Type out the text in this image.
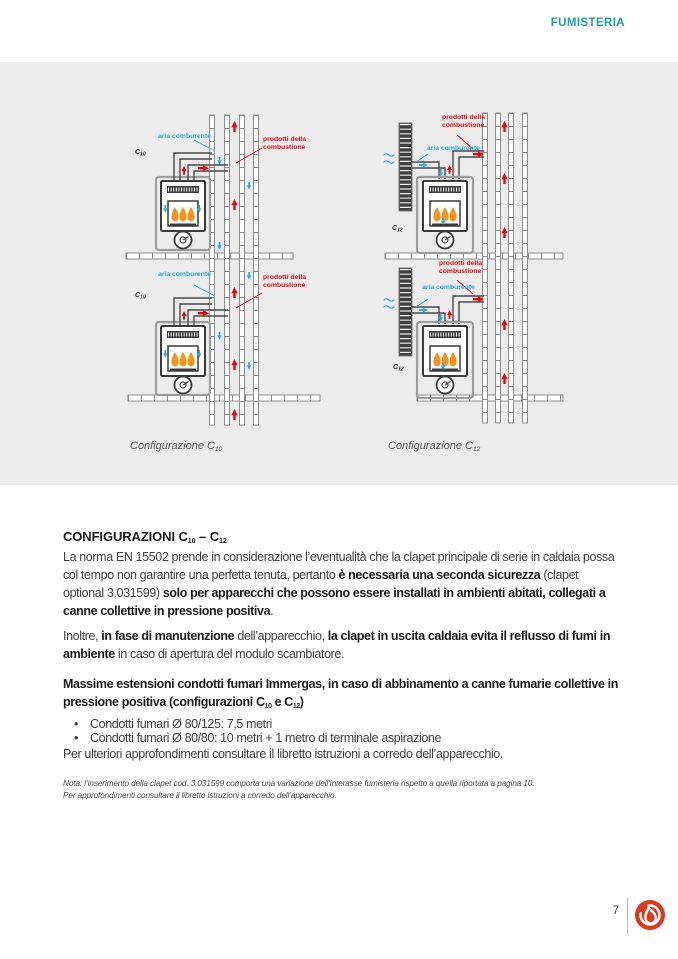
FUMISTERIA
aria comburente	prodotti della combustione
$C_{10}$
aria comburente	prodotti della combustione
$C_{10}$
prodotti della combustione
aria comburente
$C_{12}$
prodotti della combustione
aria comburente
$C_{12}$
Configurazione C10	Configurazione C12
CONFIGURAZIONI $C_{10} - C_{12}$

La norma EN 15502 prende in considerazione l’eventualità che la clapet principale di serie in caldaia possa col tempo non garantire una perfetta tenuta, pertanto è necessaria una seconda sicurezza (clapet optional 3.031599) solo per apparecchi che possono essere installati in ambienti abitati, collegati a canne collettive in pressione positiva.

Inoltre, in fase di manutenzione dell’apparecchio, la clapet in uscita caldaia evita il reflusso di fumi in ambiente in caso di apertura del modulo scambiatore.

Massime estensioni condotti fumari Immergas, in caso di abbinamento a canne fumarie collettive in pressione positiva (configurazioni $C_{10}$ e $C_{12}$)

• Condotti fumari Ø 80/125: 7,5 metri
• Condotti fumari Ø 80/80: 10 metri + 1 metro di terminale aspirazione

Per ulteriori approfondimenti consultare il libretto istruzioni a corredo dell’apparecchio.

Nota: l’inserimento della clapet cod. 3.031599 comporta una variazione dell’interasse fumisteria rispetto a quella riportata a pagina 10.
Per approfondimenti consultare il libretto istruzioni a corredo dell’apparecchio.
7
